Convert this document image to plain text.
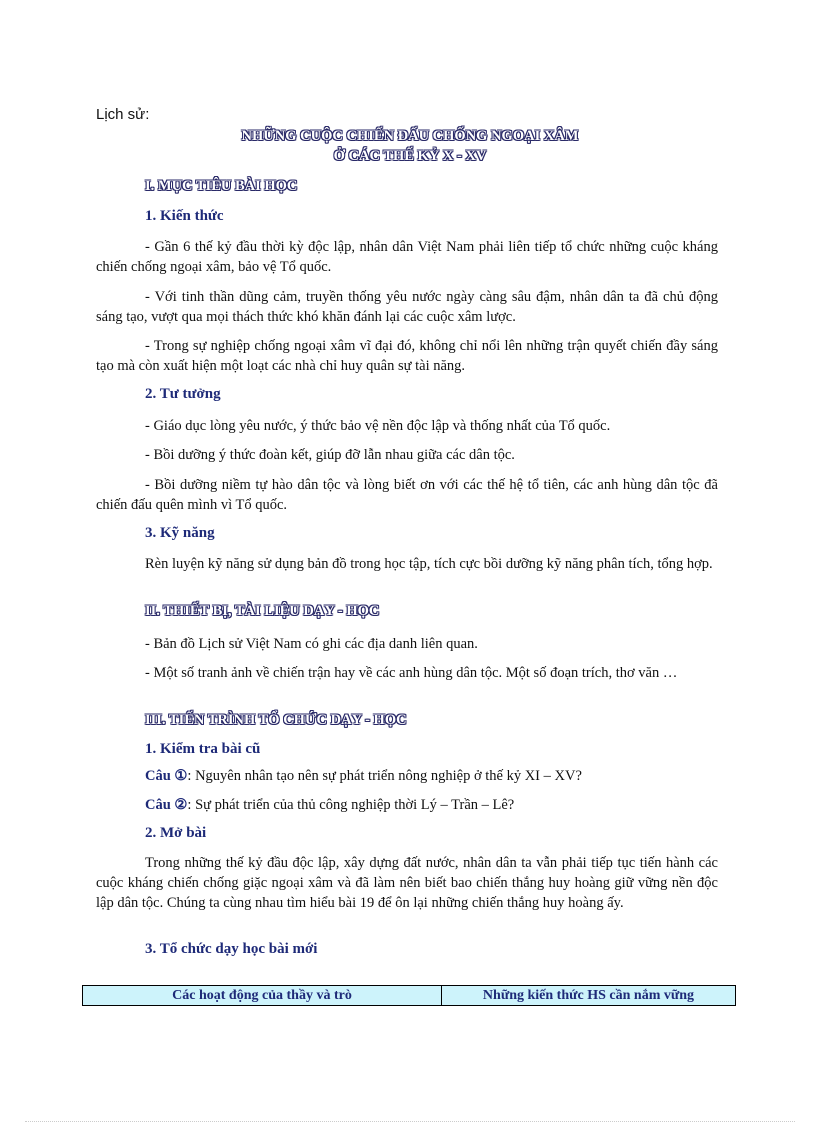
Lịch sử:
NHỮNG CUỘC CHIẾN ĐẤU CHỐNG NGOẠI XÂM
Ở CÁC THẾ KỶ X - XV
I. MỤC TIÊU BÀI HỌC
1. Kiến thức
- Gần 6 thế kỷ đầu thời kỳ độc lập, nhân dân Việt Nam phải liên tiếp tổ chức những cuộc kháng chiến chống ngoại xâm, bảo vệ Tổ quốc.
- Với tinh thần dũng cảm, truyền thống yêu nước ngày càng sâu đậm, nhân dân ta đã chủ động sáng tạo, vượt qua mọi thách thức khó khăn đánh lại các cuộc xâm lược.
- Trong sự nghiệp chống ngoại xâm vĩ đại đó, không chỉ nổi lên những trận quyết chiến đầy sáng tạo mà còn xuất hiện một loạt các nhà chỉ huy quân sự tài năng.
2. Tư tưởng
- Giáo dục lòng yêu nước, ý thức bảo vệ nền độc lập và thống nhất của Tổ quốc.
- Bồi dưỡng ý thức đoàn kết, giúp đỡ lẫn nhau giữa các dân tộc.
- Bồi dưỡng niềm tự hào dân tộc và lòng biết ơn với các thế hệ tổ tiên, các anh hùng dân tộc đã chiến đấu quên mình vì Tổ quốc.
3. Kỹ năng
Rèn luyện kỹ năng sử dụng bản đồ trong học tập, tích cực bồi dưỡng kỹ năng phân tích, tổng hợp.
II. THIẾT BỊ, TÀI LIỆU DẠY - HỌC
- Bản đồ Lịch sử Việt Nam có ghi các địa danh liên quan.
- Một số tranh ảnh về chiến trận hay về các anh hùng dân tộc. Một số đoạn trích, thơ văn …
III. TIẾN TRÌNH TỔ CHỨC DẠY - HỌC
1. Kiểm tra bài cũ
Câu ①: Nguyên nhân tạo nên sự phát triển nông nghiệp ở thế kỷ XI – XV?
Câu ②: Sự phát triển của thủ công nghiệp thời Lý – Trần – Lê?
2. Mở bài
Trong những thế kỷ đầu độc lập, xây dựng đất nước, nhân dân ta vẫn phải tiếp tục tiến hành các cuộc kháng chiến chống giặc ngoại xâm và đã làm nên biết bao chiến thắng huy hoàng giữ vững nền độc lập dân tộc. Chúng ta cùng nhau tìm hiểu bài 19 để ôn lại những chiến thắng huy hoàng ấy.
3. Tổ chức dạy học bài mới
Các hoạt động của thầy và trò	Những kiến thức HS cần nắm vững
